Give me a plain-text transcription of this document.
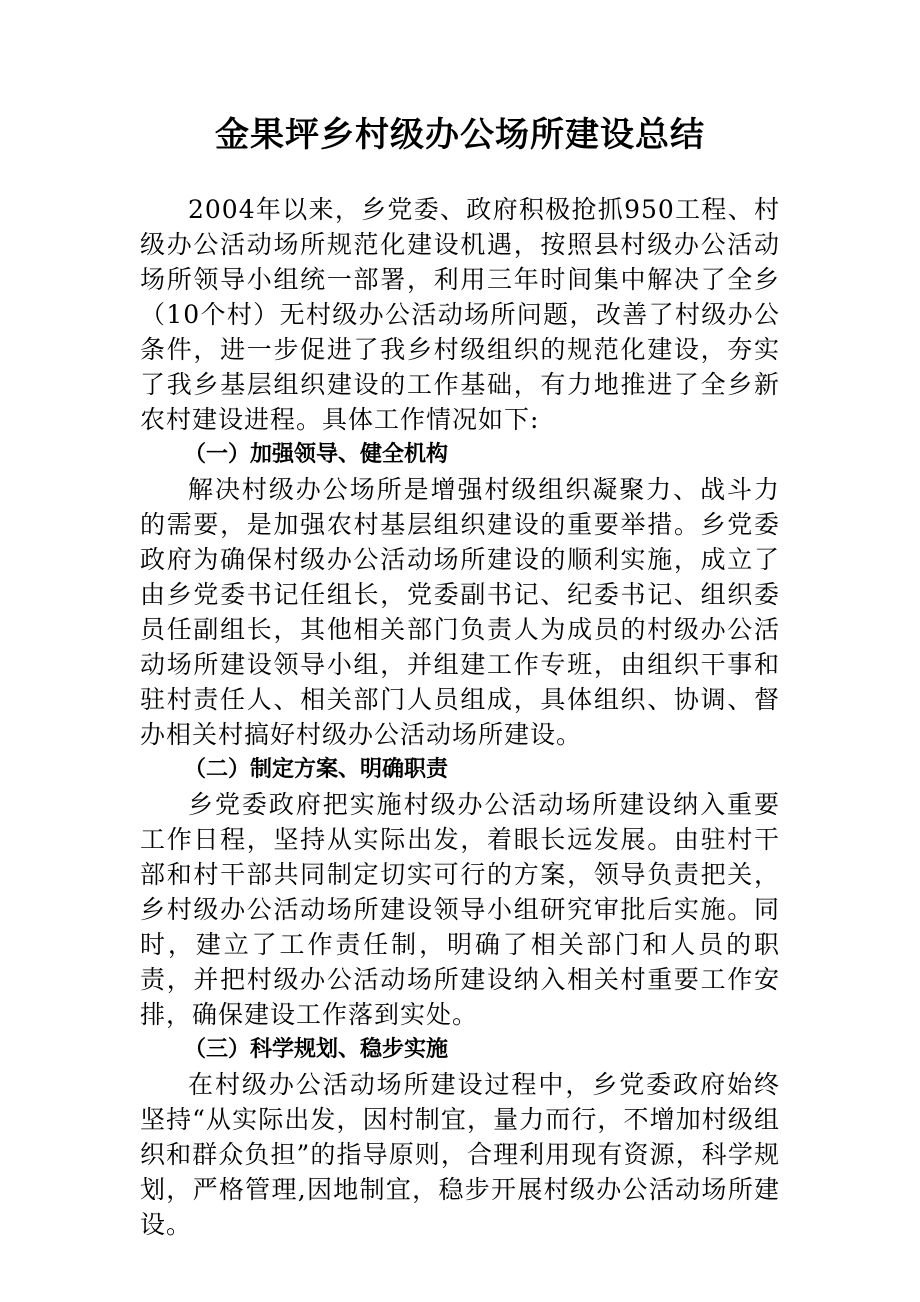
金果坪乡村级办公场所建设总结

2004年以来，乡党委、政府积极抢抓950工程、村级办公活动场所规范化建设机遇，按照县村级办公活动场所领导小组统一部署，利用三年时间集中解决了全乡（10个村）无村级办公活动场所问题，改善了村级办公条件，进一步促进了我乡村级组织的规范化建设，夯实了我乡基层组织建设的工作基础，有力地推进了全乡新农村建设进程。具体工作情况如下:

（一）加强领导、健全机构

解决村级办公场所是增强村级组织凝聚力、战斗力的需要，是加强农村基层组织建设的重要举措。乡党委政府为确保村级办公活动场所建设的顺利实施，成立了由乡党委书记任组长，党委副书记、纪委书记、组织委员任副组长，其他相关部门负责人为成员的村级办公活动场所建设领导小组，并组建工作专班，由组织干事和驻村责任人、相关部门人员组成，具体组织、协调、督办相关村搞好村级办公活动场所建设。

（二）制定方案、明确职责

乡党委政府把实施村级办公活动场所建设纳入重要工作日程，坚持从实际出发，着眼长远发展。由驻村干部和村干部共同制定切实可行的方案，领导负责把关，乡村级办公活动场所建设领导小组研究审批后实施。同时，建立了工作责任制，明确了相关部门和人员的职责，并把村级办公活动场所建设纳入相关村重要工作安排，确保建设工作落到实处。

（三）科学规划、稳步实施

在村级办公活动场所建设过程中，乡党委政府始终坚持“从实际出发，因村制宜，量力而行，不增加村级组织和群众负担”的指导原则，合理利用现有资源，科学规划，严格管理,因地制宜，稳步开展村级办公活动场所建设。
